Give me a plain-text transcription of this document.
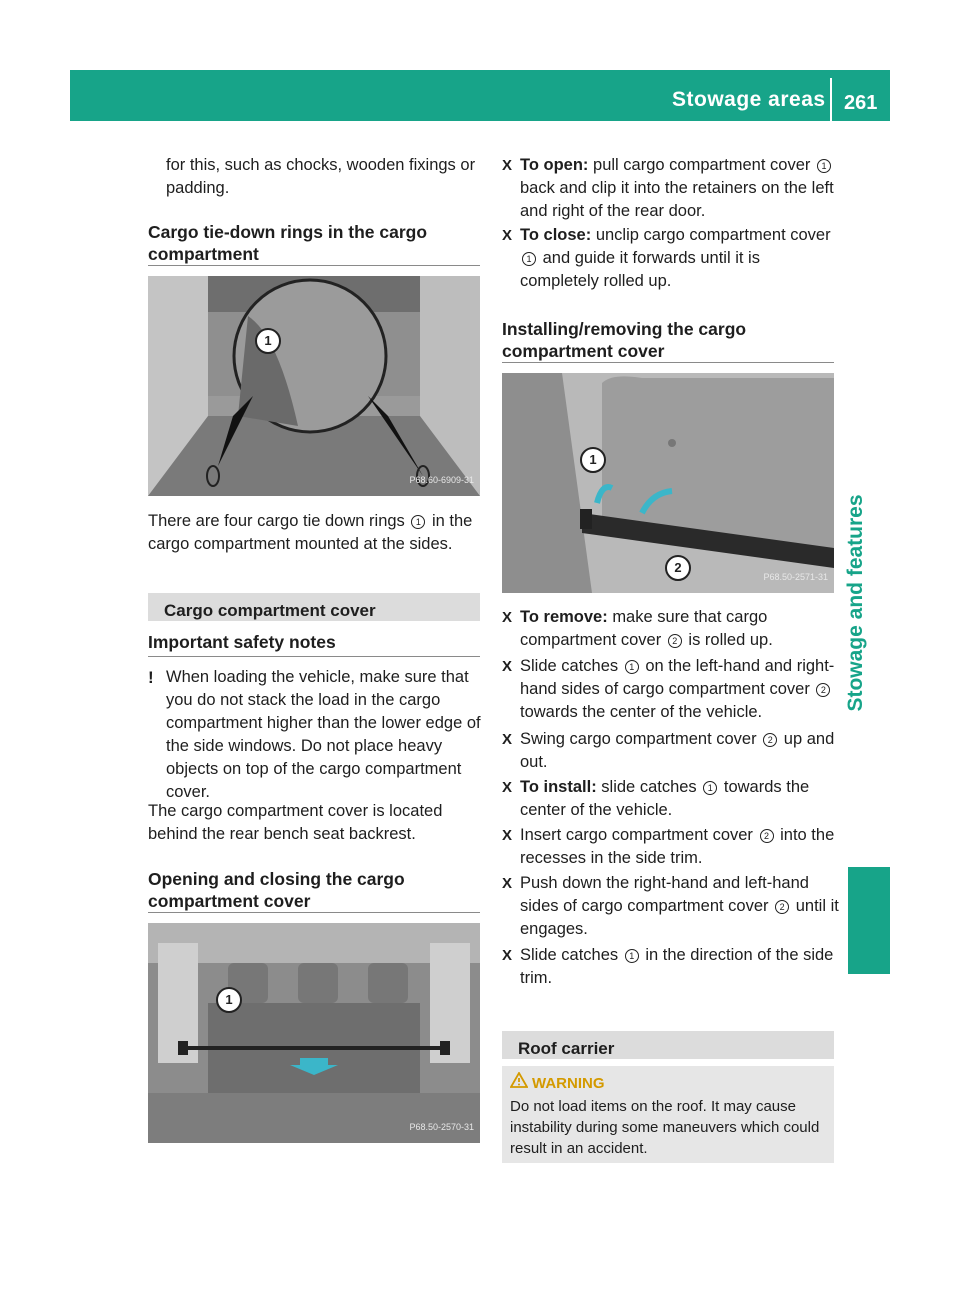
Stowage areas 261
Stowage and features
for this, such as chocks, wooden fixings or padding.
Cargo tie-down rings in the cargo compartment
1
P68.60-6909-31
There are four cargo tie down rings 1 in the cargo compartment mounted at the sides.
Cargo compartment cover
Important safety notes
! When loading the vehicle, make sure that you do not stack the load in the cargo compartment higher than the lower edge of the side windows. Do not place heavy objects on top of the cargo compartment cover.
The cargo compartment cover is located behind the rear bench seat backrest.
Opening and closing the cargo compartment cover
1
P68.50-2570-31
X To open: pull cargo compartment cover 1 back and clip it into the retainers on the left and right of the rear door.
X To close: unclip cargo compartment cover 1 and guide it forwards until it is completely rolled up.
Installing/removing the cargo compartment cover
1
2
P68.50-2571-31
X To remove: make sure that cargo compartment cover 2 is rolled up.
X Slide catches 1 on the left-hand and right-hand sides of cargo compartment cover 2 towards the center of the vehicle.
X Swing cargo compartment cover 2 up and out.
X To install: slide catches 1 towards the center of the vehicle.
X Insert cargo compartment cover 2 into the recesses in the side trim.
X Push down the right-hand and left-hand sides of cargo compartment cover 2 until it engages.
X Slide catches 1 in the direction of the side trim.
Roof carrier
WARNING
Do not load items on the roof. It may cause instability during some maneuvers which could result in an accident.
